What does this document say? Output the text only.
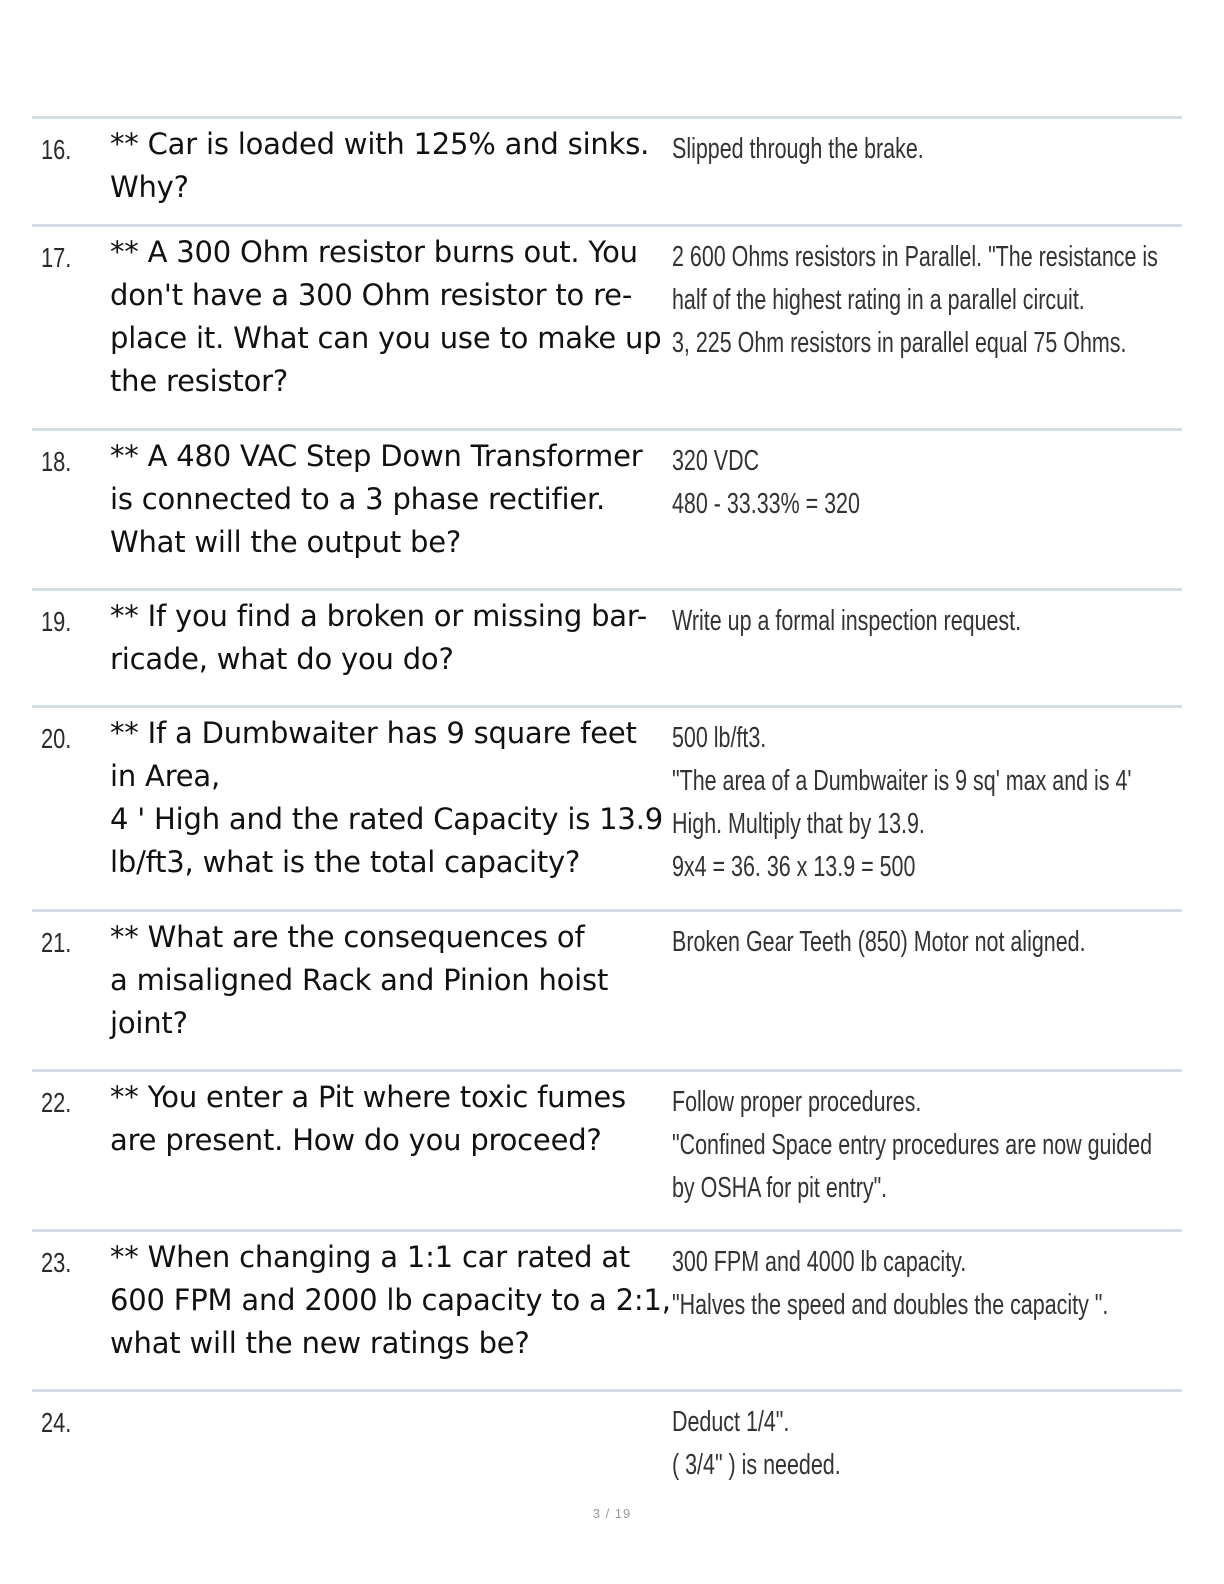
16. ** Car is loaded with 125% and sinks.
Why?
Slipped through the brake.
17. ** A 300 Ohm resistor burns out. You
don't have a 300 Ohm resistor to re-
place it. What can you use to make up
the resistor?
2 600 Ohms resistors in Parallel. "The resistance is
half of the highest rating in a parallel circuit.
3, 225 Ohm resistors in parallel equal 75 Ohms.
18. ** A 480 VAC Step Down Transformer
is connected to a 3 phase rectifier.
What will the output be?
320 VDC
480 - 33.33% = 320
19. ** If you find a broken or missing bar-
ricade, what do you do?
Write up a formal inspection request.
20. ** If a Dumbwaiter has 9 square feet
in Area,
4 ' High and the rated Capacity is 13.9
lb/ft3, what is the total capacity?
500 lb/ft3.
"The area of a Dumbwaiter is 9 sq' max and is 4'
High. Multiply that by 13.9.
9x4 = 36. 36 x 13.9 = 500
21. ** What are the consequences of
a misaligned Rack and Pinion hoist
joint?
Broken Gear Teeth (850) Motor not aligned.
22. ** You enter a Pit where toxic fumes
are present. How do you proceed?
Follow proper procedures.
"Confined Space entry procedures are now guided
by OSHA for pit entry".
23. ** When changing a 1:1 car rated at
600 FPM and 2000 lb capacity to a 2:1,
what will the new ratings be?
300 FPM and 4000 lb capacity.
"Halves the speed and doubles the capacity ".
24.	Deduct 1/4".
( 3/4" ) is needed.
3 / 19
